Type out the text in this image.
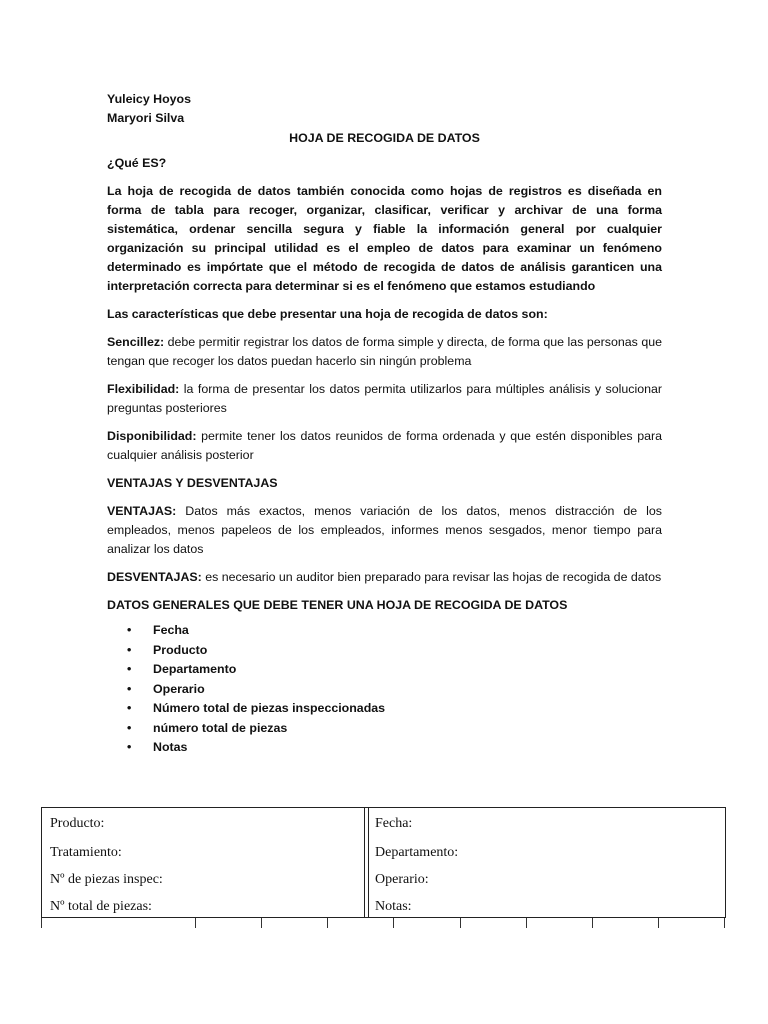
Yuleicy Hoyos
Maryori Silva
HOJA DE RECOGIDA DE DATOS
¿Qué ES?
La hoja de recogida de datos también conocida como hojas de registros es diseñada en forma de tabla para recoger, organizar, clasificar, verificar y archivar de una forma sistemática, ordenar sencilla segura y fiable la información general por cualquier organización su principal utilidad es el empleo de datos para examinar un fenómeno determinado es impórtate que el método de recogida de datos de análisis garanticen una interpretación correcta para determinar si es el fenómeno que estamos estudiando
Las características que debe presentar una hoja de recogida de datos son:
Sencillez: debe permitir registrar los datos de forma simple y directa, de forma que las personas que tengan que recoger los datos puedan hacerlo sin ningún problema
Flexibilidad: la forma de presentar los datos permita utilizarlos para múltiples análisis y solucionar preguntas posteriores
Disponibilidad: permite tener los datos reunidos de forma ordenada y que estén disponibles para cualquier análisis posterior
VENTAJAS Y DESVENTAJAS
VENTAJAS: Datos más exactos, menos variación de los datos, menos distracción de los empleados, menos papeleos de los empleados, informes menos sesgados, menor tiempo para analizar los datos
DESVENTAJAS: es necesario un auditor bien preparado para revisar las hojas de recogida de datos
DATOS GENERALES QUE DEBE TENER UNA HOJA DE RECOGIDA DE DATOS
• Fecha
• Producto
• Departamento
• Operario
• Número total de piezas inspeccionadas
• número total de piezas
• Notas
Producto:
Tratamiento:
Nº de piezas inspec:
Nº total de piezas:
Fecha:
Departamento:
Operario:
Notas:
